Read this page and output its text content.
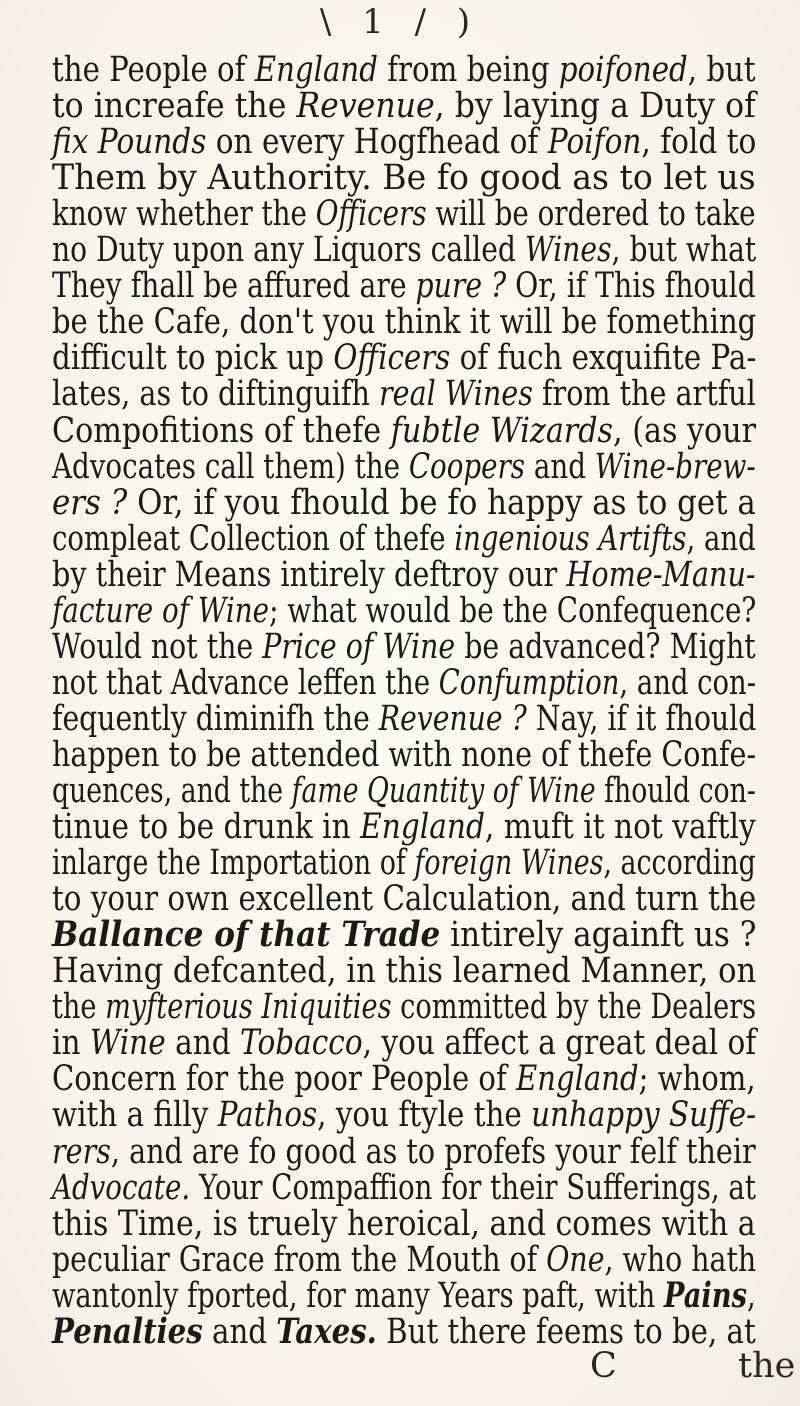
\ 1 / )
the People of England from being poifoned, but
to increafe the Revenue, by laying a Duty of
fix Pounds on every Hogfhead of Poifon, fold to
Them by Authority. Be fo good as to let us
know whether the Officers will be ordered to take
no Duty upon any Liquors called Wines, but what
They fhall be affured are pure ? Or, if This fhould
be the Cafe, don't you think it will be fomething
difficult to pick up Officers of fuch exquifite Pa-
lates, as to diftinguifh real Wines from the artful
Compofitions of thefe fubtle Wizards, (as your
Advocates call them) the Coopers and Wine-brew-
ers ? Or, if you fhould be fo happy as to get a
compleat Collection of thefe ingenious Artifts, and
by their Means intirely deftroy our Home-Manu-
facture of Wine; what would be the Confequence?
Would not the Price of Wine be advanced? Might
not that Advance leffen the Confumption, and con-
fequently diminifh the Revenue ? Nay, if it fhould
happen to be attended with none of thefe Confe-
quences, and the fame Quantity of Wine fhould con-
tinue to be drunk in England, muft it not vaftly
inlarge the Importation of foreign Wines, according
to your own excellent Calculation, and turn the
Ballance of that Trade intirely againft us ?
Having defcanted, in this learned Manner, on
the myfterious Iniquities committed by the Dealers
in Wine and Tobacco, you affect a great deal of
Concern for the poor People of England; whom,
with a filly Pathos, you ftyle the unhappy Suffe-
rers, and are fo good as to profefs your felf their
Advocate. Your Compaffion for their Sufferings, at
this Time, is truely heroical, and comes with a
peculiar Grace from the Mouth of One, who hath
wantonly fported, for many Years paft, with Pains,
Penalties and Taxes. But there feems to be, at
C	the
